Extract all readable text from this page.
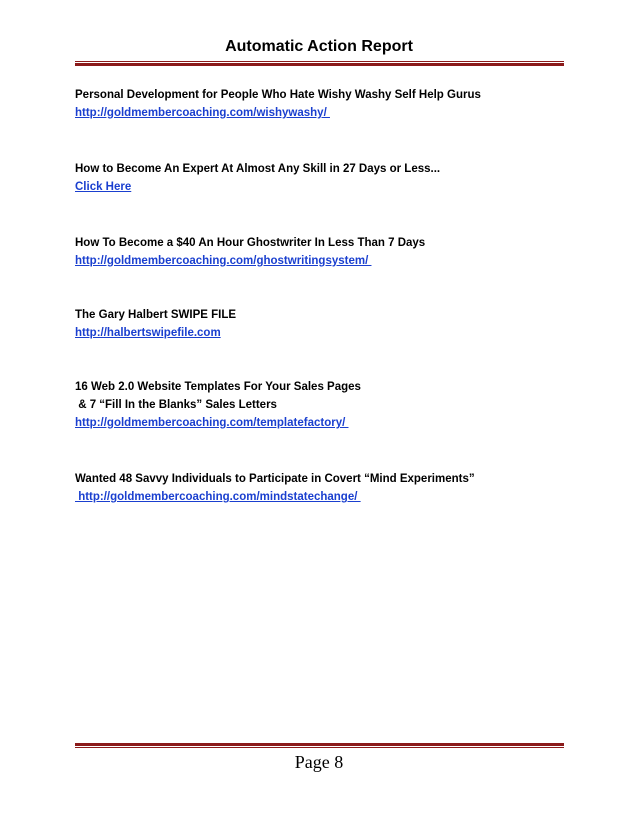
Automatic Action Report
Personal Development for People Who Hate Wishy Washy Self Help Gurus
http://goldmembercoaching.com/wishywashy/
How to Become An Expert At Almost Any Skill in 27 Days or Less...
Click Here
How To Become a $40 An Hour Ghostwriter In Less Than 7 Days
http://goldmembercoaching.com/ghostwritingsystem/
The Gary Halbert SWIPE FILE
http://halbertswipefile.com
16 Web 2.0 Website Templates For Your Sales Pages
& 7 “Fill In the Blanks” Sales Letters
http://goldmembercoaching.com/templatefactory/
Wanted 48 Savvy Individuals to Participate in Covert “Mind Experiments”
http://goldmembercoaching.com/mindstatechange/
Page 8
